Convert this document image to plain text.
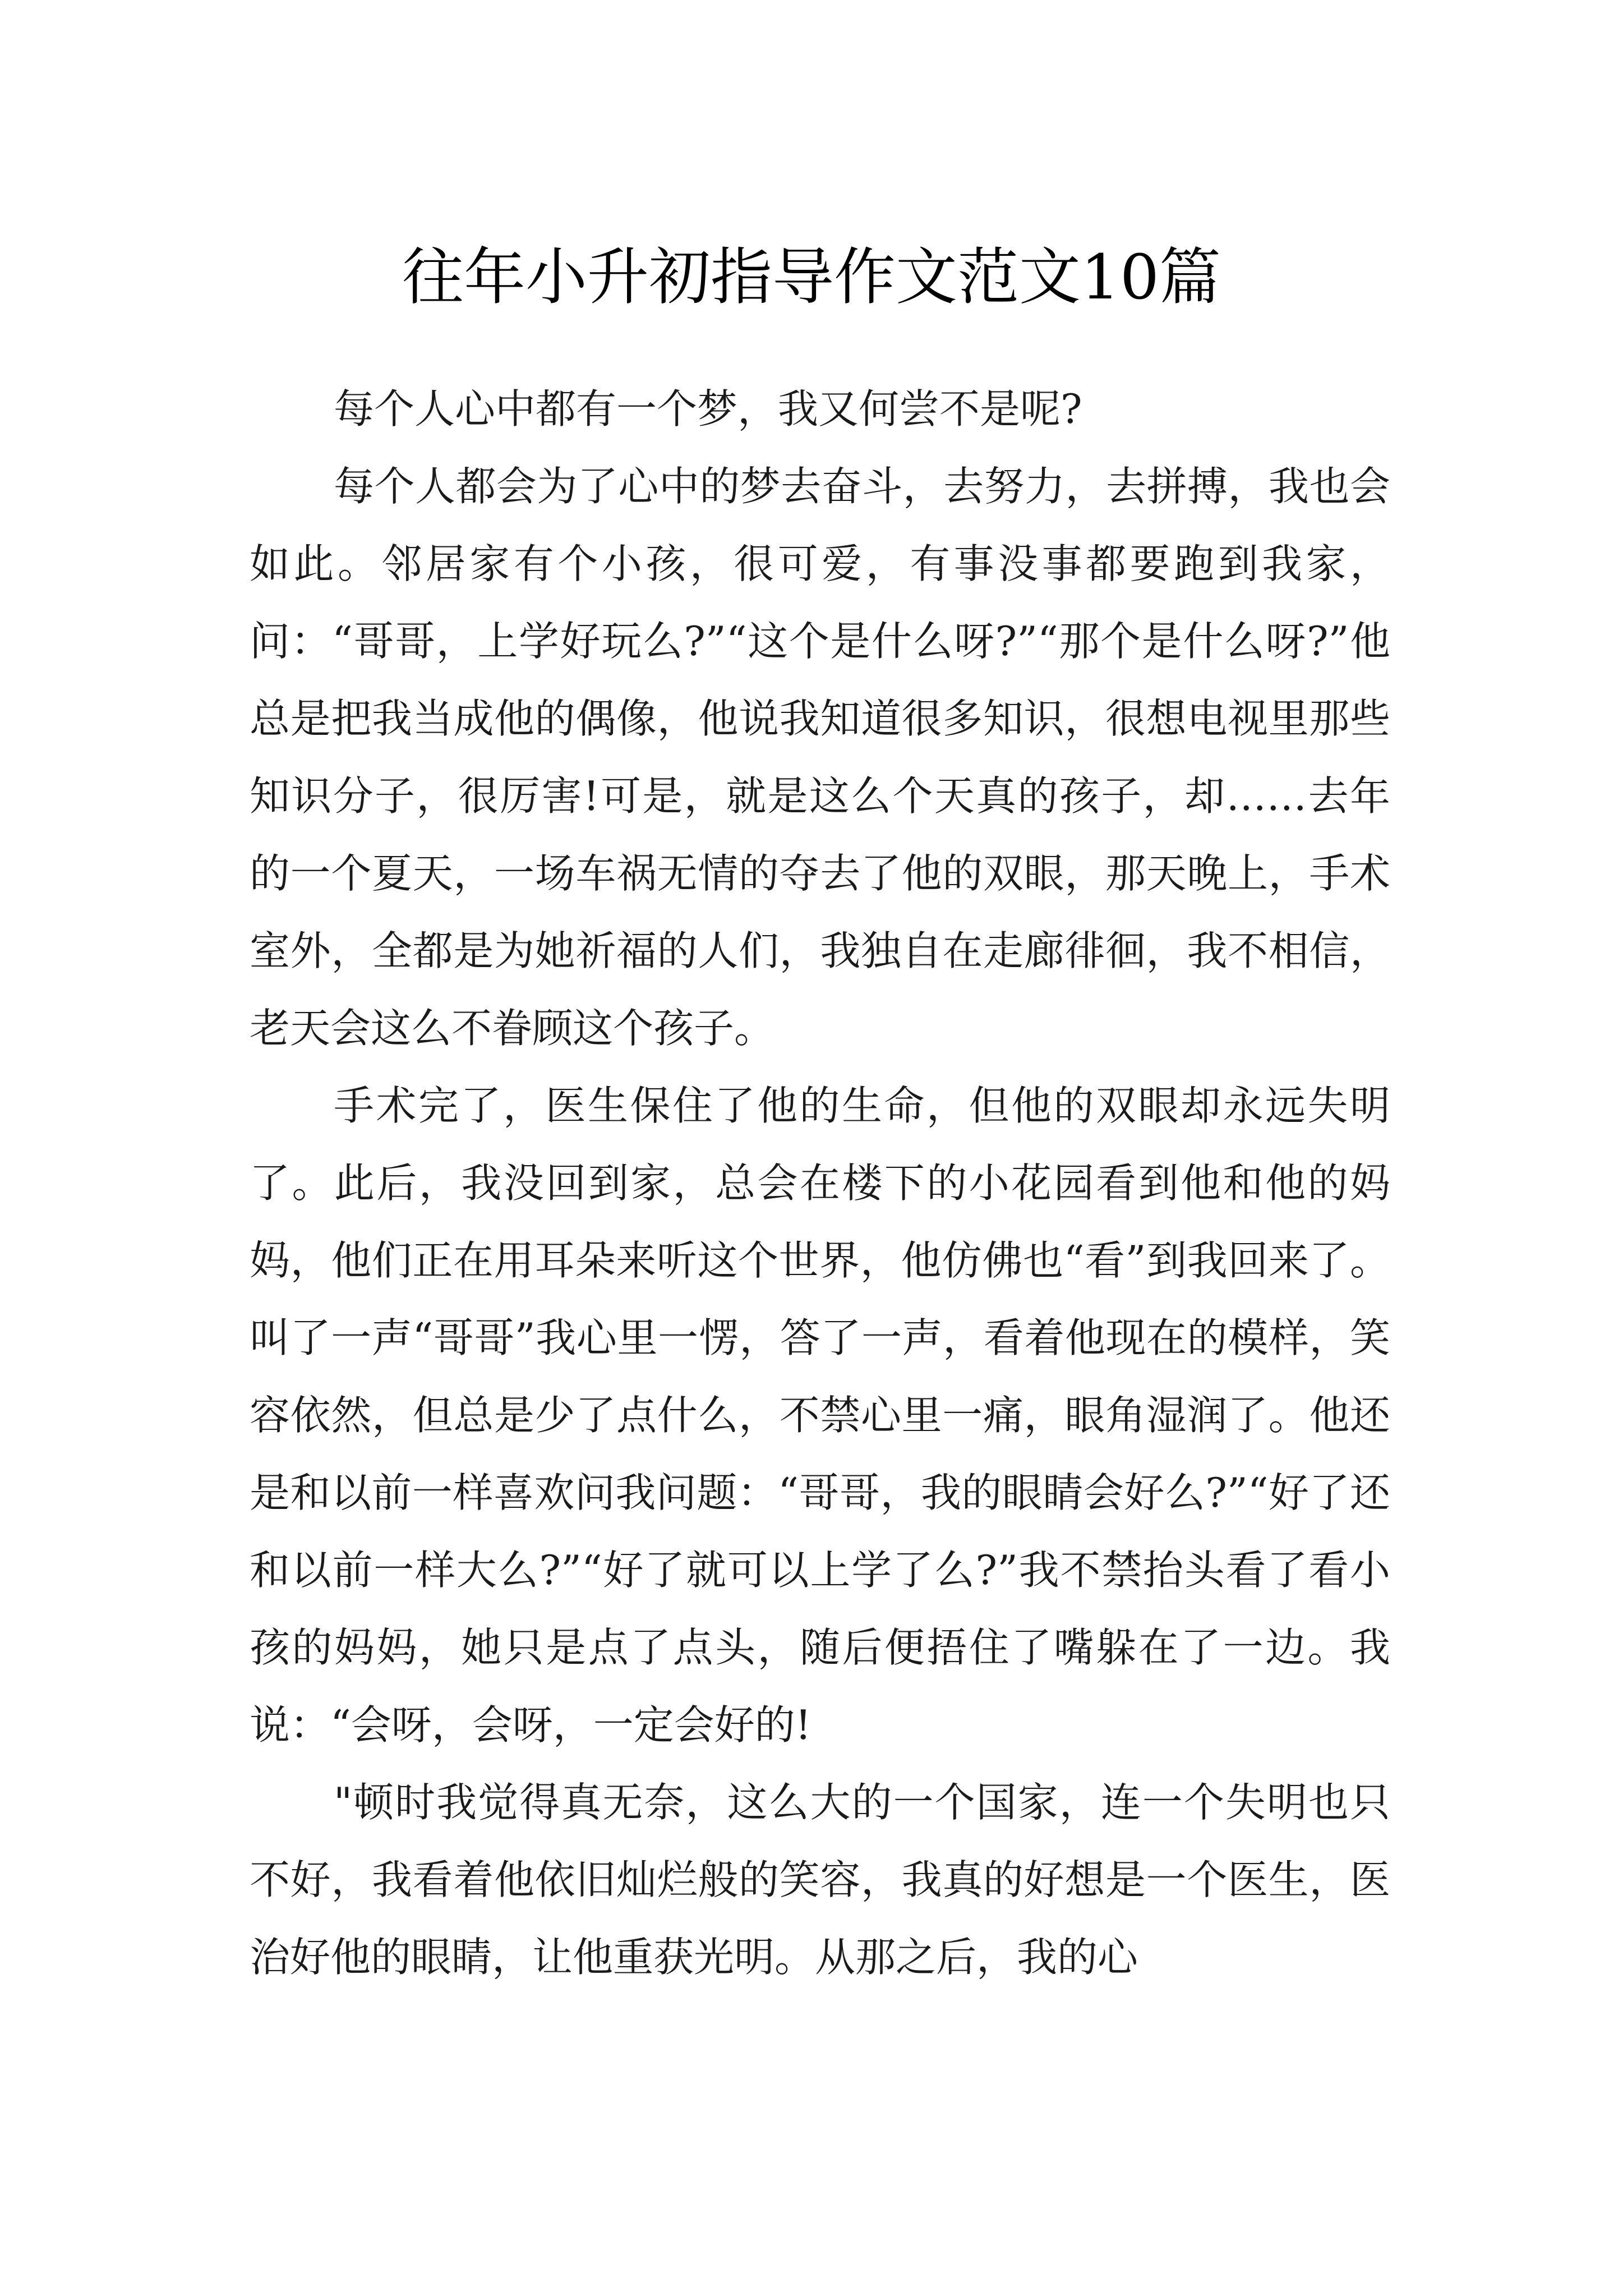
往年小升初指导作文范文10篇

每个人心中都有一个梦，我又何尝不是呢?

每个人都会为了心中的梦去奋斗，去努力，去拼搏，我也会如此。邻居家有个小孩，很可爱，有事没事都要跑到我家，问：“哥哥，上学好玩么?”“这个是什么呀?”“那个是什么呀?”他总是把我当成他的偶像，他说我知道很多知识，很想电视里那些知识分子，很厉害!可是，就是这么个天真的孩子，却……去年的一个夏天，一场车祸无情的夺去了他的双眼，那天晚上，手术室外，全都是为她祈福的人们，我独自在走廊徘徊，我不相信，老天会这么不眷顾这个孩子。

手术完了，医生保住了他的生命，但他的双眼却永远失明了。此后，我没回到家，总会在楼下的小花园看到他和他的妈妈，他们正在用耳朵来听这个世界，他仿佛也“看”到我回来了。叫了一声“哥哥”我心里一愣，答了一声，看着他现在的模样，笑容依然，但总是少了点什么，不禁心里一痛，眼角湿润了。他还是和以前一样喜欢问我问题：“哥哥，我的眼睛会好么?”“好了还和以前一样大么?”“好了就可以上学了么?”我不禁抬头看了看小孩的妈妈，她只是点了点头，随后便捂住了嘴躲在了一边。我说：“会呀，会呀，一定会好的!

"顿时我觉得真无奈，这么大的一个国家，连一个失明也只不好，我看着他依旧灿烂般的笑容，我真的好想是一个医生，医治好他的眼睛，让他重获光明。从那之后，我的心
